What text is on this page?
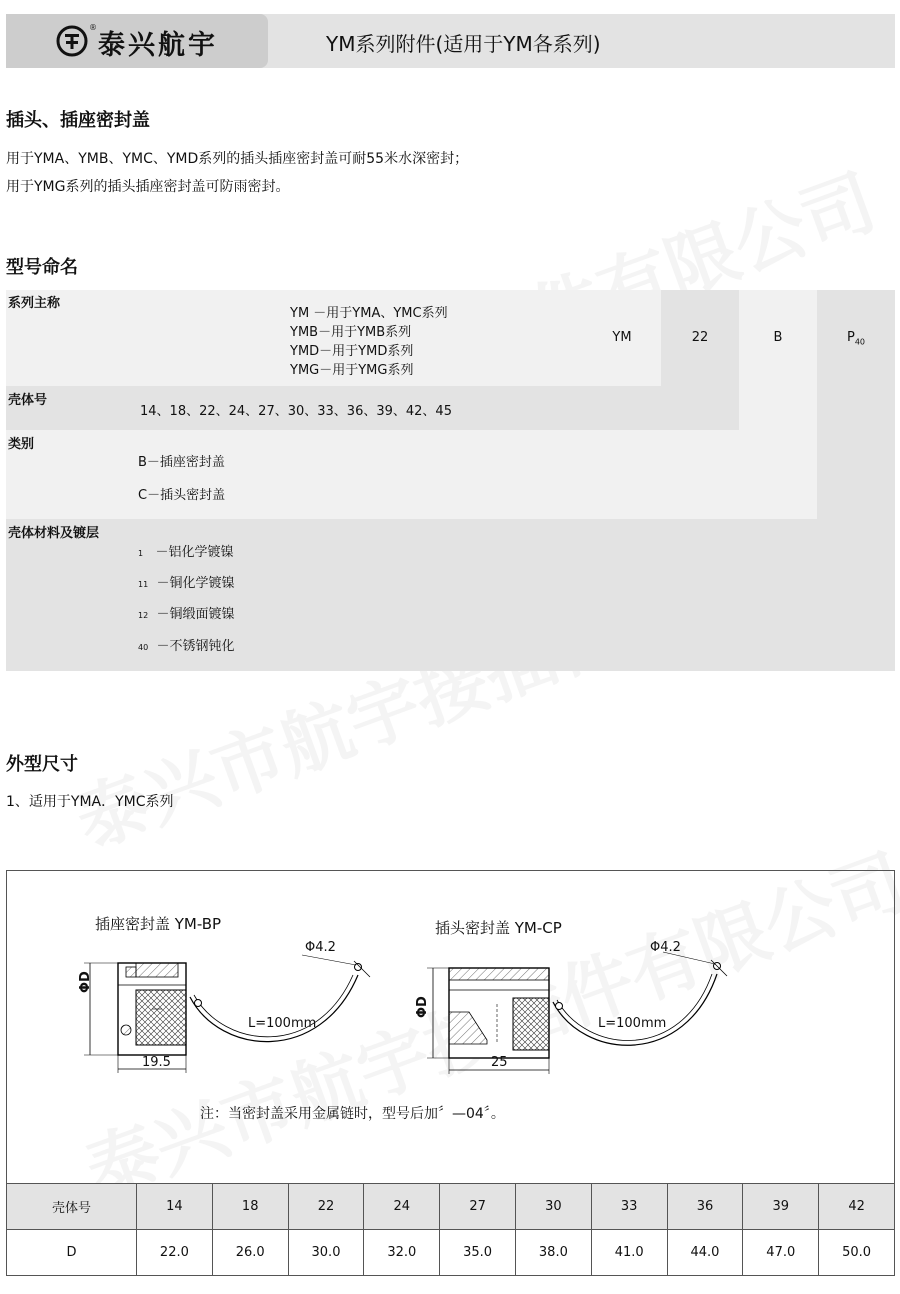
®
泰兴航宇	YM系列附件(适用于YM各系列)
插头、插座密封盖
用于YMA、YMB、YMC、YMD系列的插头插座密封盖可耐55米水深密封；
用于YMG系列的插头插座密封盖可防雨密封。
型号命名
系列主称
YM －用于YMA、YMC系列
YMB－用于YMB系列
YMD－用于YMD系列
YMG－用于YMG系列
YM	22	B	$P_{40}$
壳体号
14、18、22、24、27、30、33、36、39、42、45
类别
B－插座密封盖
C－插头密封盖
壳体材料及镀层
1 －铝化学镀镍
11 －铜化学镀镍
12 －铜缎面镀镍
40 －不锈钢钝化
外型尺寸
1、适用于YMA．YMC系列
插座密封盖 YM-BP
ΦD
Φ4.2
L=100mm
19.5
插头密封盖 YM-CP
ΦD
Φ4.2
L=100mm
25
注：当密封盖采用金属链时，型号后加〞—04〞。
壳体号	14	18	22	24	27	30	33	36	39	42
D	22.0	26.0	30.0	32.0	35.0	38.0	41.0	44.0	47.0	50.0
